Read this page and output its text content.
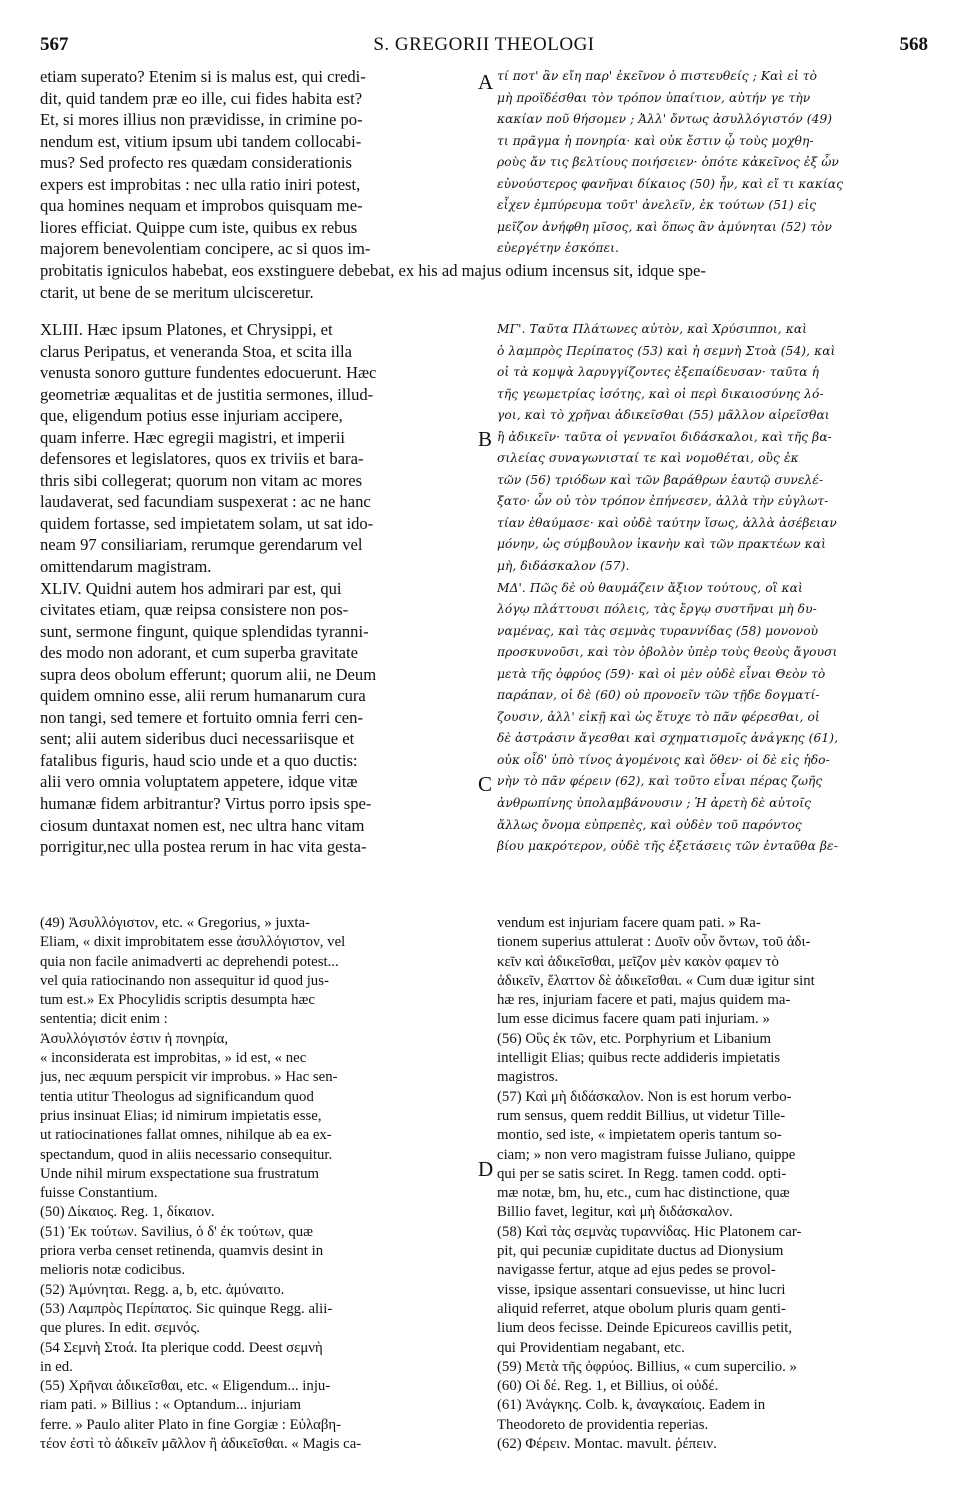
567	S. GREGORII THEOLOGI	568
etiam superato? Etenim si is malus est, qui credi-
dit, quid tandem præ eo ille, cui fides habita est?
Et, si mores illius non prævidisse, in crimine po-
nendum est, vitium ipsum ubi tandem collocabi-
mus? Sed profecto res quædam considerationis
expers est improbitas : nec ulla ratio iniri potest,
qua homines nequam et improbos quisquam me-
liores efficiat. Quippe cum iste, quibus ex rebus
majorem benevolentiam concipere, ac si quos im-
τί ποτ' ἂν εἴη παρ' ἐκεῖνον ὁ πιστευθείς ; Καὶ εἰ τὸ
μὴ προϊδέσθαι τὸν τρόπον ὑπαίτιον, αὐτήν γε τὴν
κακίαν ποῦ θήσομεν ; Ἀλλ' ὄντως ἀσυλλόγιστόν (49)
τι πρᾶγμα ἡ πονηρία· καὶ οὐκ ἔστιν ᾧ τοὺς μοχθη-
ροὺς ἄν τις βελτίους ποιήσειεν· ὁπότε κἀκεῖνος ἐξ ὧν
εὐνούστερος φανῆναι δίκαιος (50) ἦν, καὶ εἴ τι κακίας
εἶχεν ἐμπύρευμα τοῦτ' ἀνελεῖν, ἐκ τούτων (51) εἰς
μεῖζον ἀνήφθη μῖσος, καὶ ὅπως ἂν ἀμύνηται (52) τὸν
εὐεργέτην ἐσκόπει.
probitatis igniculos habebat, eos exstinguere debebat, ex his ad majus odium incensus sit, idque spe-
ctarit, ut bene de se meritum ulcisceretur.
XLIII. Hæc ipsum Platones, et Chrysippi, et
clarus Peripatus, et veneranda Stoa, et scita illa
venusta sonoro gutture fundentes edocuerunt. Hæc
geometriæ æqualitas et de justitia sermones, illud-
que, eligendum potius esse injuriam accipere,
quam inferre. Hæc egregii magistri, et imperii
defensores et legislatores, quos ex triviis et bara-
thris sibi collegerat; quorum non vitam ac mores
laudaverat, sed facundiam suspexerat : ac ne hanc
quidem fortasse, sed impietatem solam, ut sat ido-
neam 97 consiliariam, rerumque gerendarum vel
omittendarum magistram.
XLIV. Quidni autem hos admirari par est, qui
civitates etiam, quæ reipsa consistere non pos-
sunt, sermone fingunt, quique splendidas tyranni-
des modo non adorant, et cum superba gravitate
supra deos obolum efferunt; quorum alii, ne Deum
quidem omnino esse, alii rerum humanarum cura
non tangi, sed temere et fortuito omnia ferri cen-
sent; alii autem sideribus duci necessariisque et
fatalibus figuris, haud scio unde et a quo ductis:
alii vero omnia voluptatem appetere, idque vitæ
humanæ fidem arbitrantur? Virtus porro ipsis spe-
ciosum duntaxat nomen est, nec ultra hanc vitam
porrigitur,nec ulla postea rerum in hac vita gesta-
ΜΓ'. Ταῦτα Πλάτωνες αὐτὸν, καὶ Χρύσιπποι, καὶ
ὁ λαμπρὸς Περίπατος (53) καὶ ἡ σεμνὴ Στοὰ (54), καὶ
οἱ τὰ κομψὰ λαρυγγίζοντες ἐξεπαίδευσαν· ταῦτα ἡ
τῆς γεωμετρίας ἰσότης, καὶ οἱ περὶ δικαιοσύνης λό-
γοι, καὶ τὸ χρῆναι ἀδικεῖσθαι (55) μᾶλλον αἱρεῖσθαι
ἢ ἀδικεῖν· ταῦτα οἱ γενναῖοι διδάσκαλοι, καὶ τῆς βα-
σιλείας συναγωνισταί τε καὶ νομοθέται, οὓς ἐκ
τῶν (56) τριόδων καὶ τῶν βαράθρων ἑαυτῷ συνελέ-
ξατο· ὧν οὐ τὸν τρόπον ἐπήνεσεν, ἀλλὰ τὴν εὐγλωτ-
τίαν ἐθαύμασε· καὶ οὐδὲ ταύτην ἴσως, ἀλλὰ ἀσέβειαν
μόνην, ὡς σύμβουλον ἱκανὴν καὶ τῶν πρακτέων καὶ
μὴ, διδάσκαλον (57).
ΜΔ'. Πῶς δὲ οὐ θαυμάζειν ἄξιον τούτους, οἳ καὶ
λόγῳ πλάττουσι πόλεις, τὰς ἔργῳ συστῆναι μὴ δυ-
ναμένας, καὶ τὰς σεμνὰς τυραννίδας (58) μονονοὺ
προσκυνοῦσι, καὶ τὸν ὀβολὸν ὑπὲρ τοὺς θεοὺς ἄγουσι
μετὰ τῆς ὀφρύος (59)· καὶ οἱ μὲν οὐδὲ εἶναι Θεὸν τὸ
παράπαν, οἱ δὲ (60) οὐ προνοεῖν τῶν τῇδε δογματί-
ζουσιν, ἀλλ' εἰκῇ καὶ ὡς ἔτυχε τὸ πᾶν φέρεσθαι, οἱ
δὲ ἀστράσιν ἄγεσθαι καὶ σχηματισμοῖς ἀνάγκης (61),
οὐκ οἶδ' ὑπὸ τίνος ἀγομένοις καὶ ὅθεν· οἱ δὲ εἰς ἡδο-
νὴν τὸ πᾶν φέρειν (62), καὶ τοῦτο εἶναι πέρας ζωῆς
ἀνθρωπίνης ὑπολαμβάνουσιν ; Ἡ ἀρετὴ δὲ αὐτοῖς
ἄλλως ὄνομα εὐπρεπὲς, καὶ οὐδὲν τοῦ παρόντος
βίου μακρότερον, οὐδὲ τῆς ἐξετάσεις τῶν ἐνταῦθα βε-
(49) Ἀσυλλόγιστον, etc. « Gregorius, » juxta-
Eliam, « dixit improbitatem esse ἀσυλλόγιστον, vel
quia non facile animadverti ac deprehendi potest...
vel quia ratiocinando non assequitur id quod jus-
tum est.» Ex Phocylidis scriptis desumpta hæc
sententia; dicit enim :
Ἀσυλλόγιστόν ἐστιν ἡ πονηρία,
« inconsiderata est improbitas, » id est, « nec
jus, nec æquum perspicit vir improbus. » Hac sen-
tentia utitur Theologus ad significandum quod
prius insinuat Elias; id nimirum impietatis esse,
ut ratiocinationes fallat omnes, nihilque ab ea ex-
spectandum, quod in aliis necessario consequitur.
Unde nihil mirum exspectatione sua frustratum
fuisse Constantium.
(50) Δίκαιος. Reg. 1, δίκαιον.
(51) Ἐκ τούτων. Savilius, ὁ δ' ἐκ τούτων, quæ
priora verba censet retinenda, quamvis desint in
melioris notæ codicibus.
(52) Ἀμύνηται. Regg. a, b, etc. ἀμύναιτο.
(53) Λαμπρὸς Περίπατος. Sic quinque Regg. alii-
que plures. In edit. σεμνός.
(54 Σεμνὴ Στοά. Ita plerique codd. Deest σεμνὴ
in ed.
(55) Χρῆναι ἀδικεῖσθαι, etc. « Eligendum... inju-
riam pati. » Billius : « Optandum... injuriam
ferre. » Paulo aliter Plato in fine Gorgiæ : Εὐλαβη-
τέον ἐστὶ τὸ ἀδικεῖν μᾶλλον ἢ ἀδικεῖσθαι. « Magis ca-
vendum est injuriam facere quam pati. » Ra-
tionem superius attulerat : Δυοῖν οὖν ὄντων, τοῦ ἀδι-
κεῖν καὶ ἀδικεῖσθαι, μεῖζον μὲν κακὸν φαμεν τὸ
ἀδικεῖν, ἔλαττον δὲ ἀδικεῖσθαι. « Cum duæ igitur sint
hæ res, injuriam facere et pati, majus quidem ma-
lum esse dicimus facere quam pati injuriam. »
(56) Οὓς ἐκ τῶν, etc. Porphyrium et Libanium
intelligit Elias; quibus recte addideris impietatis
magistros.
(57) Καὶ μὴ διδάσκαλον. Non is est horum verbo-
rum sensus, quem reddit Billius, ut videtur Tille-
montio, sed iste, « impietatem operis tantum so-
ciam; » non vero magistram fuisse Juliano, quippe
qui per se satis sciret. In Regg. tamen codd. opti-
mæ notæ, bm, hu, etc., cum hac distinctione, quæ
Billio favet, legitur, καὶ μὴ διδάσκαλον.
(58) Καὶ τὰς σεμνὰς τυραννίδας. Hic Platonem car-
pit, qui pecuniæ cupiditate ductus ad Dionysium
navigasse fertur, atque ad ejus pedes se provol-
visse, ipsique assentari consuevisse, ut hinc lucri
aliquid referret, atque obolum pluris quam genti-
lium deos fecisse. Deinde Epicureos cavillis petit,
qui Providentiam negabant, etc.
(59) Μετὰ τῆς ὀφρύος. Billius, « cum supercilio. »
(60) Οἱ δέ. Reg. 1, et Billius, οἱ οὐδέ.
(61) Ἀνάγκης. Colb. k, ἀναγκαίοις. Eadem in
Theodoreto de providentia reperias.
(62) Φέρειν. Montac. mavult. ῥέπειν.
A
B
C
D
